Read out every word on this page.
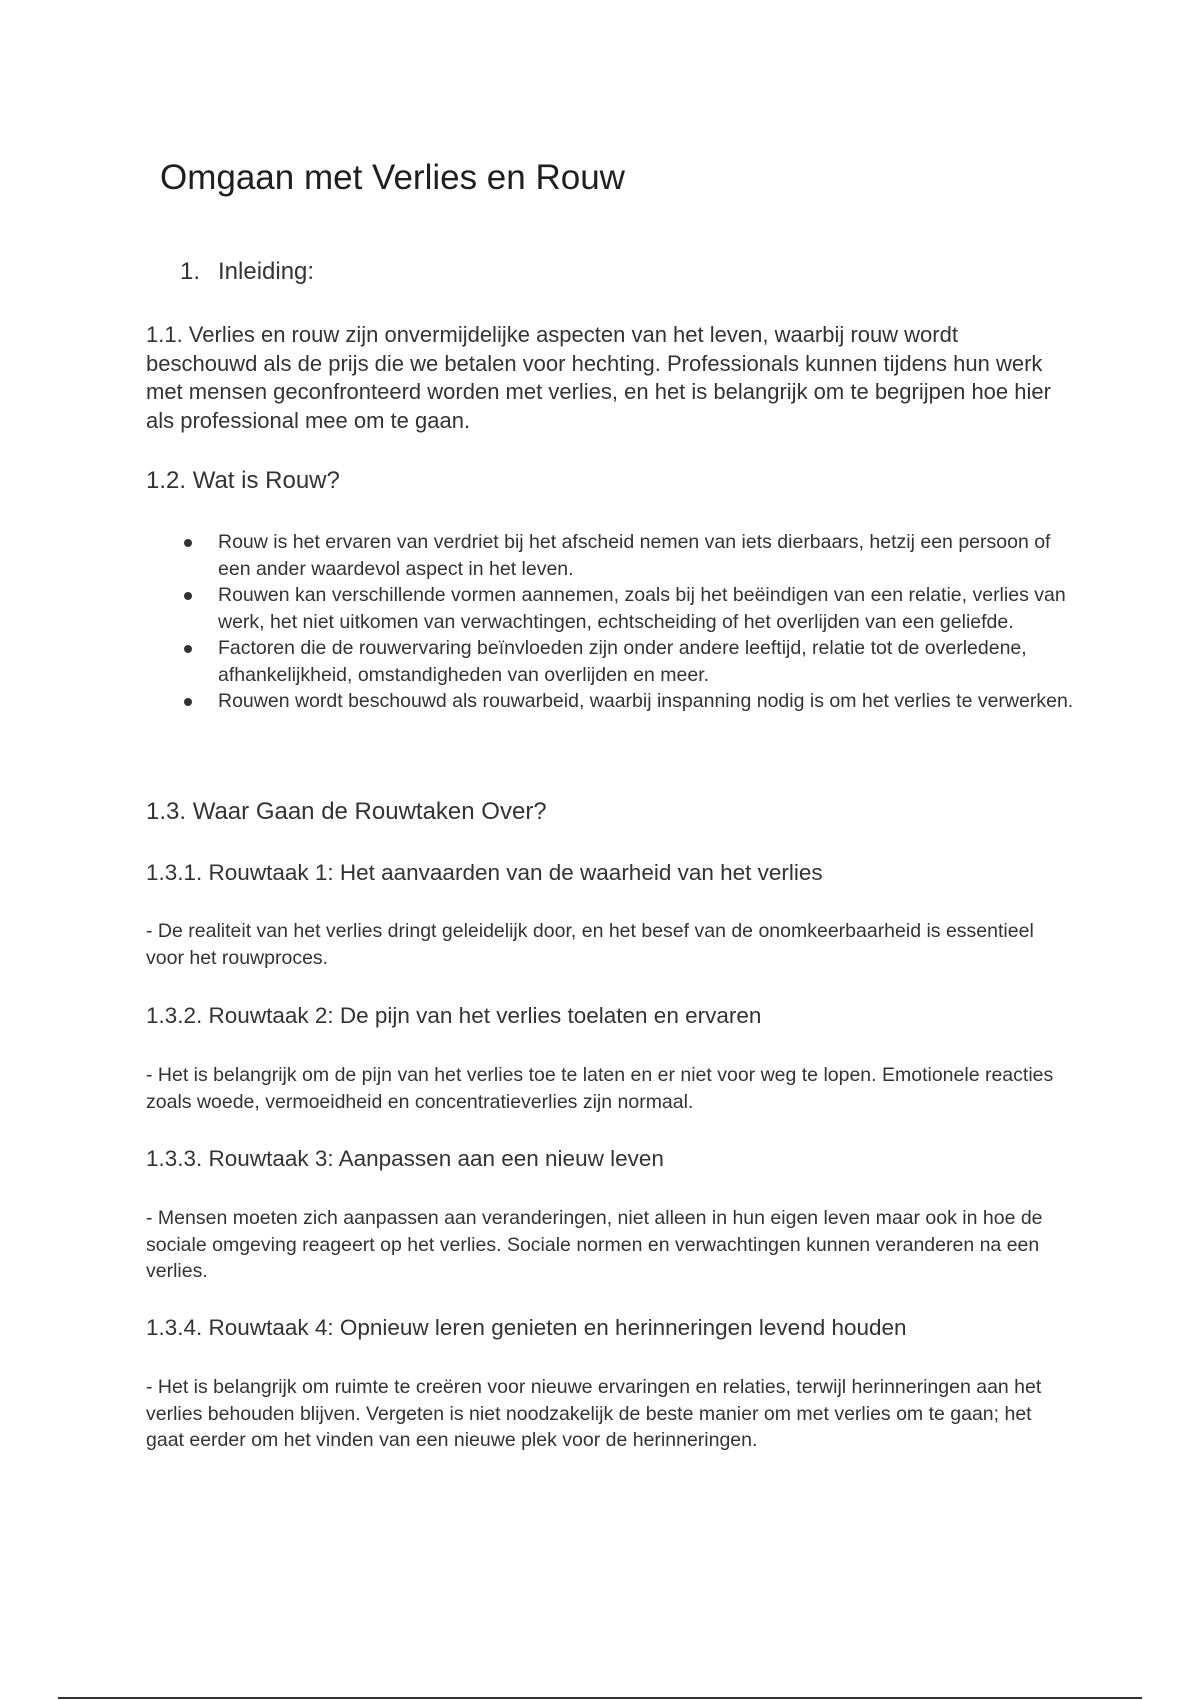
Omgaan met Verlies en Rouw
1. Inleiding:

1.1. Verlies en rouw zijn onvermijdelijke aspecten van het leven, waarbij rouw wordt beschouwd als de prijs die we betalen voor hechting. Professionals kunnen tijdens hun werk met mensen geconfronteerd worden met verlies, en het is belangrijk om te begrijpen hoe hier als professional mee om te gaan.

1.2. Wat is Rouw?
Rouw is het ervaren van verdriet bij het afscheid nemen van iets dierbaars, hetzij een persoon of een ander waardevol aspect in het leven.
Rouwen kan verschillende vormen aannemen, zoals bij het beëindigen van een relatie, verlies van werk, het niet uitkomen van verwachtingen, echtscheiding of het overlijden van een geliefde.
Factoren die de rouwervaring beïnvloeden zijn onder andere leeftijd, relatie tot de overledene, afhankelijkheid, omstandigheden van overlijden en meer.
Rouwen wordt beschouwd als rouwarbeid, waarbij inspanning nodig is om het verlies te verwerken.
1.3. Waar Gaan de Rouwtaken Over?
1.3.1. Rouwtaak 1: Het aanvaarden van de waarheid van het verlies

- De realiteit van het verlies dringt geleidelijk door, en het besef van de onomkeerbaarheid is essentieel voor het rouwproces.

1.3.2. Rouwtaak 2: De pijn van het verlies toelaten en ervaren

- Het is belangrijk om de pijn van het verlies toe te laten en er niet voor weg te lopen. Emotionele reacties zoals woede, vermoeidheid en concentratieverlies zijn normaal.

1.3.3. Rouwtaak 3: Aanpassen aan een nieuw leven

- Mensen moeten zich aanpassen aan veranderingen, niet alleen in hun eigen leven maar ook in hoe de sociale omgeving reageert op het verlies. Sociale normen en verwachtingen kunnen veranderen na een verlies.

1.3.4. Rouwtaak 4: Opnieuw leren genieten en herinneringen levend houden

- Het is belangrijk om ruimte te creëren voor nieuwe ervaringen en relaties, terwijl herinneringen aan het verlies behouden blijven. Vergeten is niet noodzakelijk de beste manier om met verlies om te gaan; het gaat eerder om het vinden van een nieuwe plek voor de herinneringen.
